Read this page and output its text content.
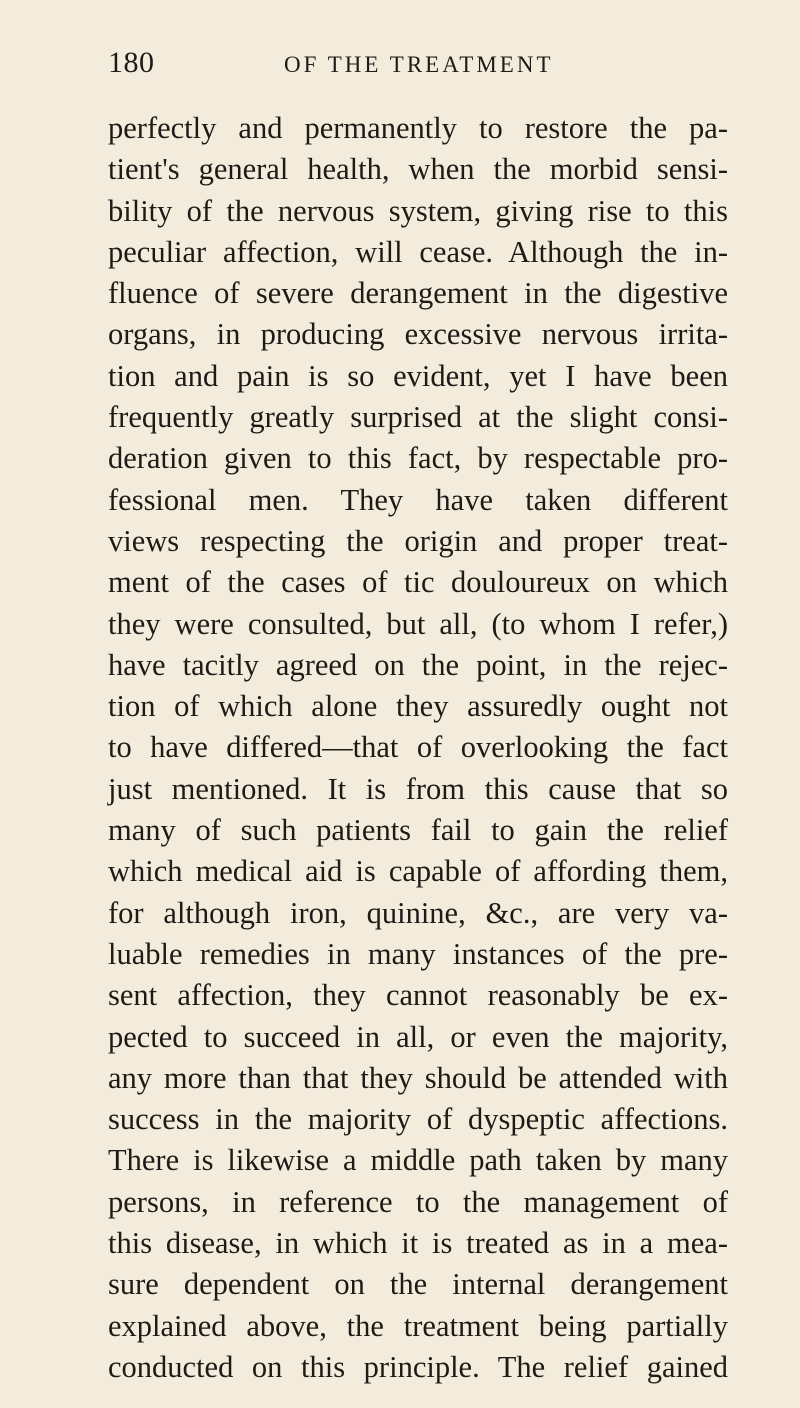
180	OF THE TREATMENT
perfectly and permanently to restore the pa-
tient's general health, when the morbid sensi-
bility of the nervous system, giving rise to this
peculiar affection, will cease. Although the in-
fluence of severe derangement in the digestive
organs, in producing excessive nervous irrita-
tion and pain is so evident, yet I have been
frequently greatly surprised at the slight consi-
deration given to this fact, by respectable pro-
fessional men. They have taken different
views respecting the origin and proper treat-
ment of the cases of tic douloureux on which
they were consulted, but all, (to whom I refer,)
have tacitly agreed on the point, in the rejec-
tion of which alone they assuredly ought not
to have differed—that of overlooking the fact
just mentioned. It is from this cause that so
many of such patients fail to gain the relief
which medical aid is capable of affording them,
for although iron, quinine, &c., are very va-
luable remedies in many instances of the pre-
sent affection, they cannot reasonably be ex-
pected to succeed in all, or even the majority,
any more than that they should be attended with
success in the majority of dyspeptic affections.
There is likewise a middle path taken by many
persons, in reference to the management of
this disease, in which it is treated as in a mea-
sure dependent on the internal derangement
explained above, the treatment being partially
conducted on this principle. The relief gained
